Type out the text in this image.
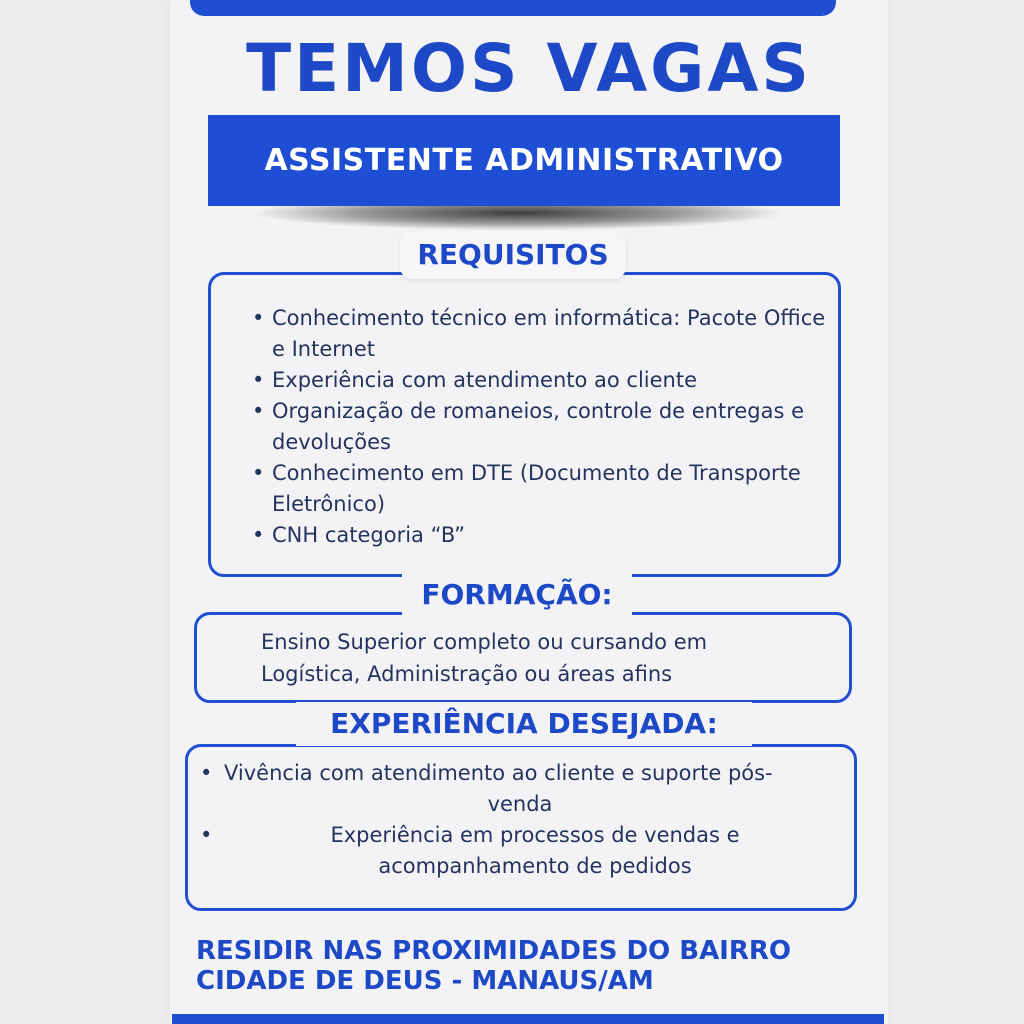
TEMOS VAGAS
ASSISTENTE ADMINISTRATIVO
REQUISITOS
• Conhecimento técnico em informática: Pacote Office e Internet
• Experiência com atendimento ao cliente
• Organização de romaneios, controle de entregas e devoluções
• Conhecimento em DTE (Documento de Transporte Eletrônico)
• CNH categoria “B”
FORMAÇÃO:
Ensino Superior completo ou cursando em
Logística, Administração ou áreas afins
EXPERIÊNCIA DESEJADA:
• Vivência com atendimento ao cliente e suporte pós-
venda
• Experiência em processos de vendas e
acompanhamento de pedidos
RESIDIR NAS PROXIMIDADES DO BAIRRO
CIDADE DE DEUS - MANAUS/AM
